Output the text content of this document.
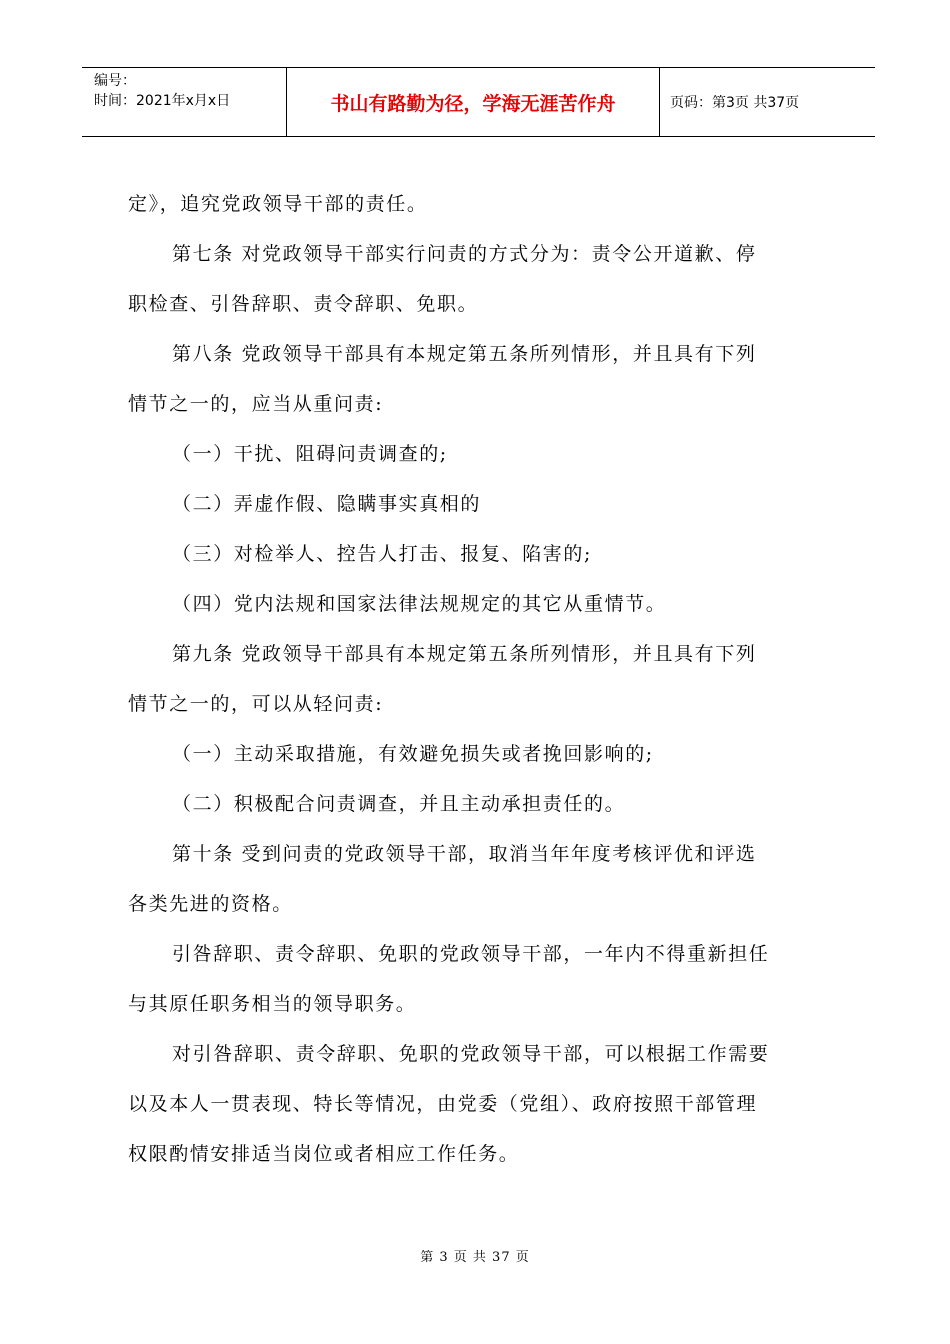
编号：
时间：2021年x月x日	书山有路勤为径，学海无涯苦作舟	页码：第3页 共37页
定》，追究党政领导干部的责任。
第七条 对党政领导干部实行问责的方式分为：责令公开道歉、停
职检查、引咎辞职、责令辞职、免职。
第八条 党政领导干部具有本规定第五条所列情形，并且具有下列
情节之一的，应当从重问责:
（一）干扰、阻碍问责调查的;
（二）弄虚作假、隐瞒事实真相的
（三）对检举人、控告人打击、报复、陷害的;
（四）党内法规和国家法律法规规定的其它从重情节。
第九条 党政领导干部具有本规定第五条所列情形，并且具有下列
情节之一的，可以从轻问责:
（一）主动采取措施，有效避免损失或者挽回影响的;
（二）积极配合问责调查，并且主动承担责任的。
第十条 受到问责的党政领导干部，取消当年年度考核评优和评选
各类先进的资格。
引咎辞职、责令辞职、免职的党政领导干部，一年内不得重新担任
与其原任职务相当的领导职务。
对引咎辞职、责令辞职、免职的党政领导干部，可以根据工作需要
以及本人一贯表现、特长等情况，由党委（党组）、政府按照干部管理
权限酌情安排适当岗位或者相应工作任务。
第 3 页 共 37 页
